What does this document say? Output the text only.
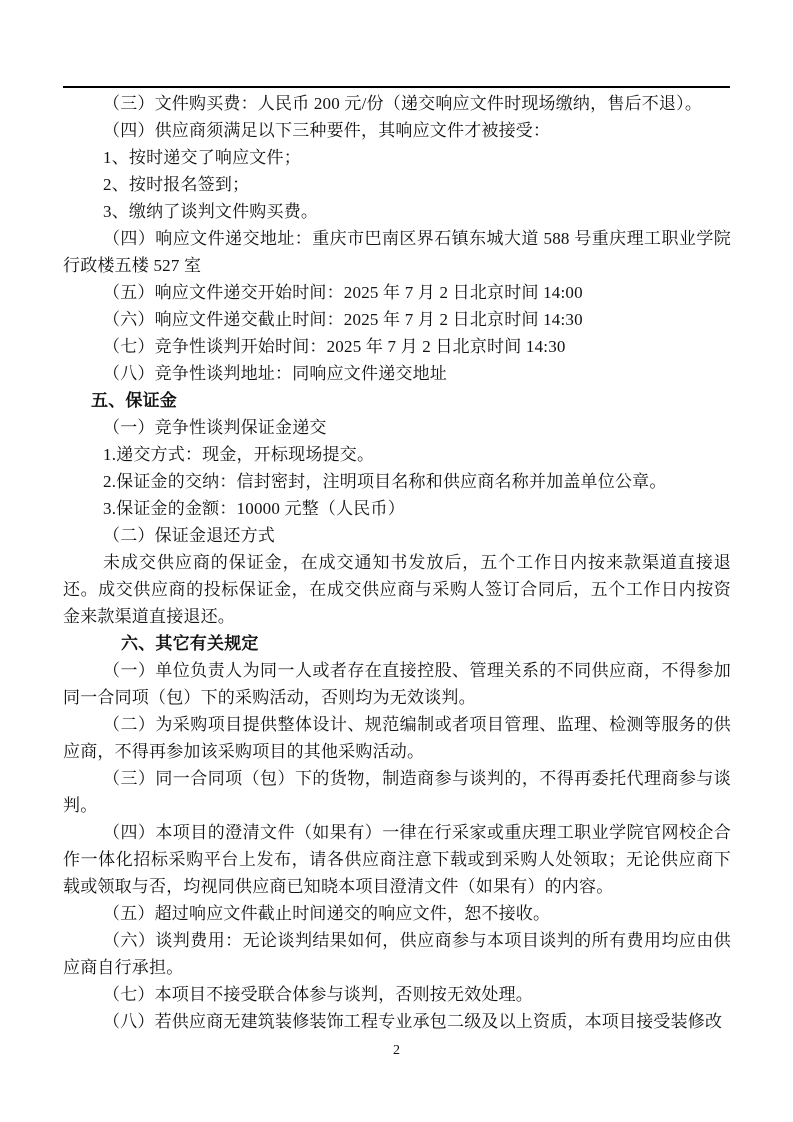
（三）文件购买费：人民币 200 元/份（递交响应文件时现场缴纳，售后不退）。

（四）供应商须满足以下三种要件，其响应文件才被接受：

1、按时递交了响应文件；

2、按时报名签到；

3、缴纳了谈判文件购买费。

（四）响应文件递交地址：重庆市巴南区界石镇东城大道 588 号重庆理工职业学院行政楼五楼 527 室

（五）响应文件递交开始时间：2025 年 7 月 2 日北京时间 14:00

（六）响应文件递交截止时间：2025 年 7 月 2 日北京时间 14:30

（七）竞争性谈判开始时间：2025 年 7 月 2 日北京时间 14:30

（八）竞争性谈判地址：同响应文件递交地址

五、保证金

（一）竞争性谈判保证金递交

1.递交方式：现金，开标现场提交。

2.保证金的交纳：信封密封，注明项目名称和供应商名称并加盖单位公章。

3.保证金的金额：10000 元整（人民币）

（二）保证金退还方式

未成交供应商的保证金，在成交通知书发放后，五个工作日内按来款渠道直接退还。成交供应商的投标保证金，在成交供应商与采购人签订合同后，五个工作日内按资金来款渠道直接退还。

六、其它有关规定

（一）单位负责人为同一人或者存在直接控股、管理关系的不同供应商，不得参加同一合同项（包）下的采购活动，否则均为无效谈判。

（二）为采购项目提供整体设计、规范编制或者项目管理、监理、检测等服务的供应商，不得再参加该采购项目的其他采购活动。

（三）同一合同项（包）下的货物，制造商参与谈判的，不得再委托代理商参与谈判。

（四）本项目的澄清文件（如果有）一律在行采家或重庆理工职业学院官网校企合作一体化招标采购平台上发布，请各供应商注意下载或到采购人处领取；无论供应商下载或领取与否，均视同供应商已知晓本项目澄清文件（如果有）的内容。

（五）超过响应文件截止时间递交的响应文件，恕不接收。

（六）谈判费用：无论谈判结果如何，供应商参与本项目谈判的所有费用均应由供应商自行承担。

（七）本项目不接受联合体参与谈判，否则按无效处理。

（八）若供应商无建筑装修装饰工程专业承包二级及以上资质，本项目接受装修改

2
